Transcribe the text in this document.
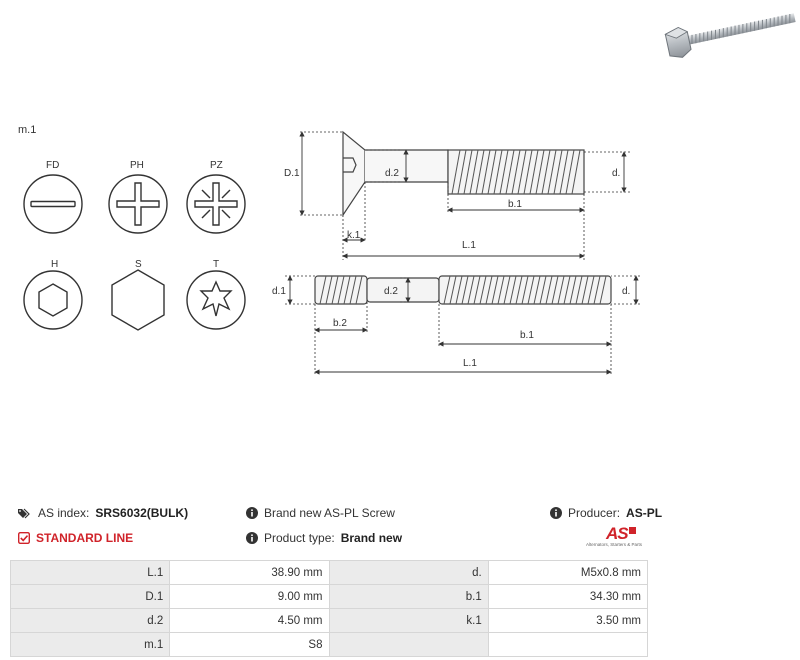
m.1
FD	PH	PZ
H	S	T
D.1	d.2	d.
b.1
k.1
L.1
d.1	d.2	d.
b.2
b.1
L.1
AS index: SRS6032(BULK)	Brand new AS-PL Screw	Producer: AS-PL
STANDARD LINE	Product type: Brand new	AS
Alternators, Starters & Parts
L.1	38.90 mm	d.	M5x0.8 mm
D.1	9.00 mm	b.1	34.30 mm
d.2	4.50 mm	k.1	3.50 mm
m.1	S8		
